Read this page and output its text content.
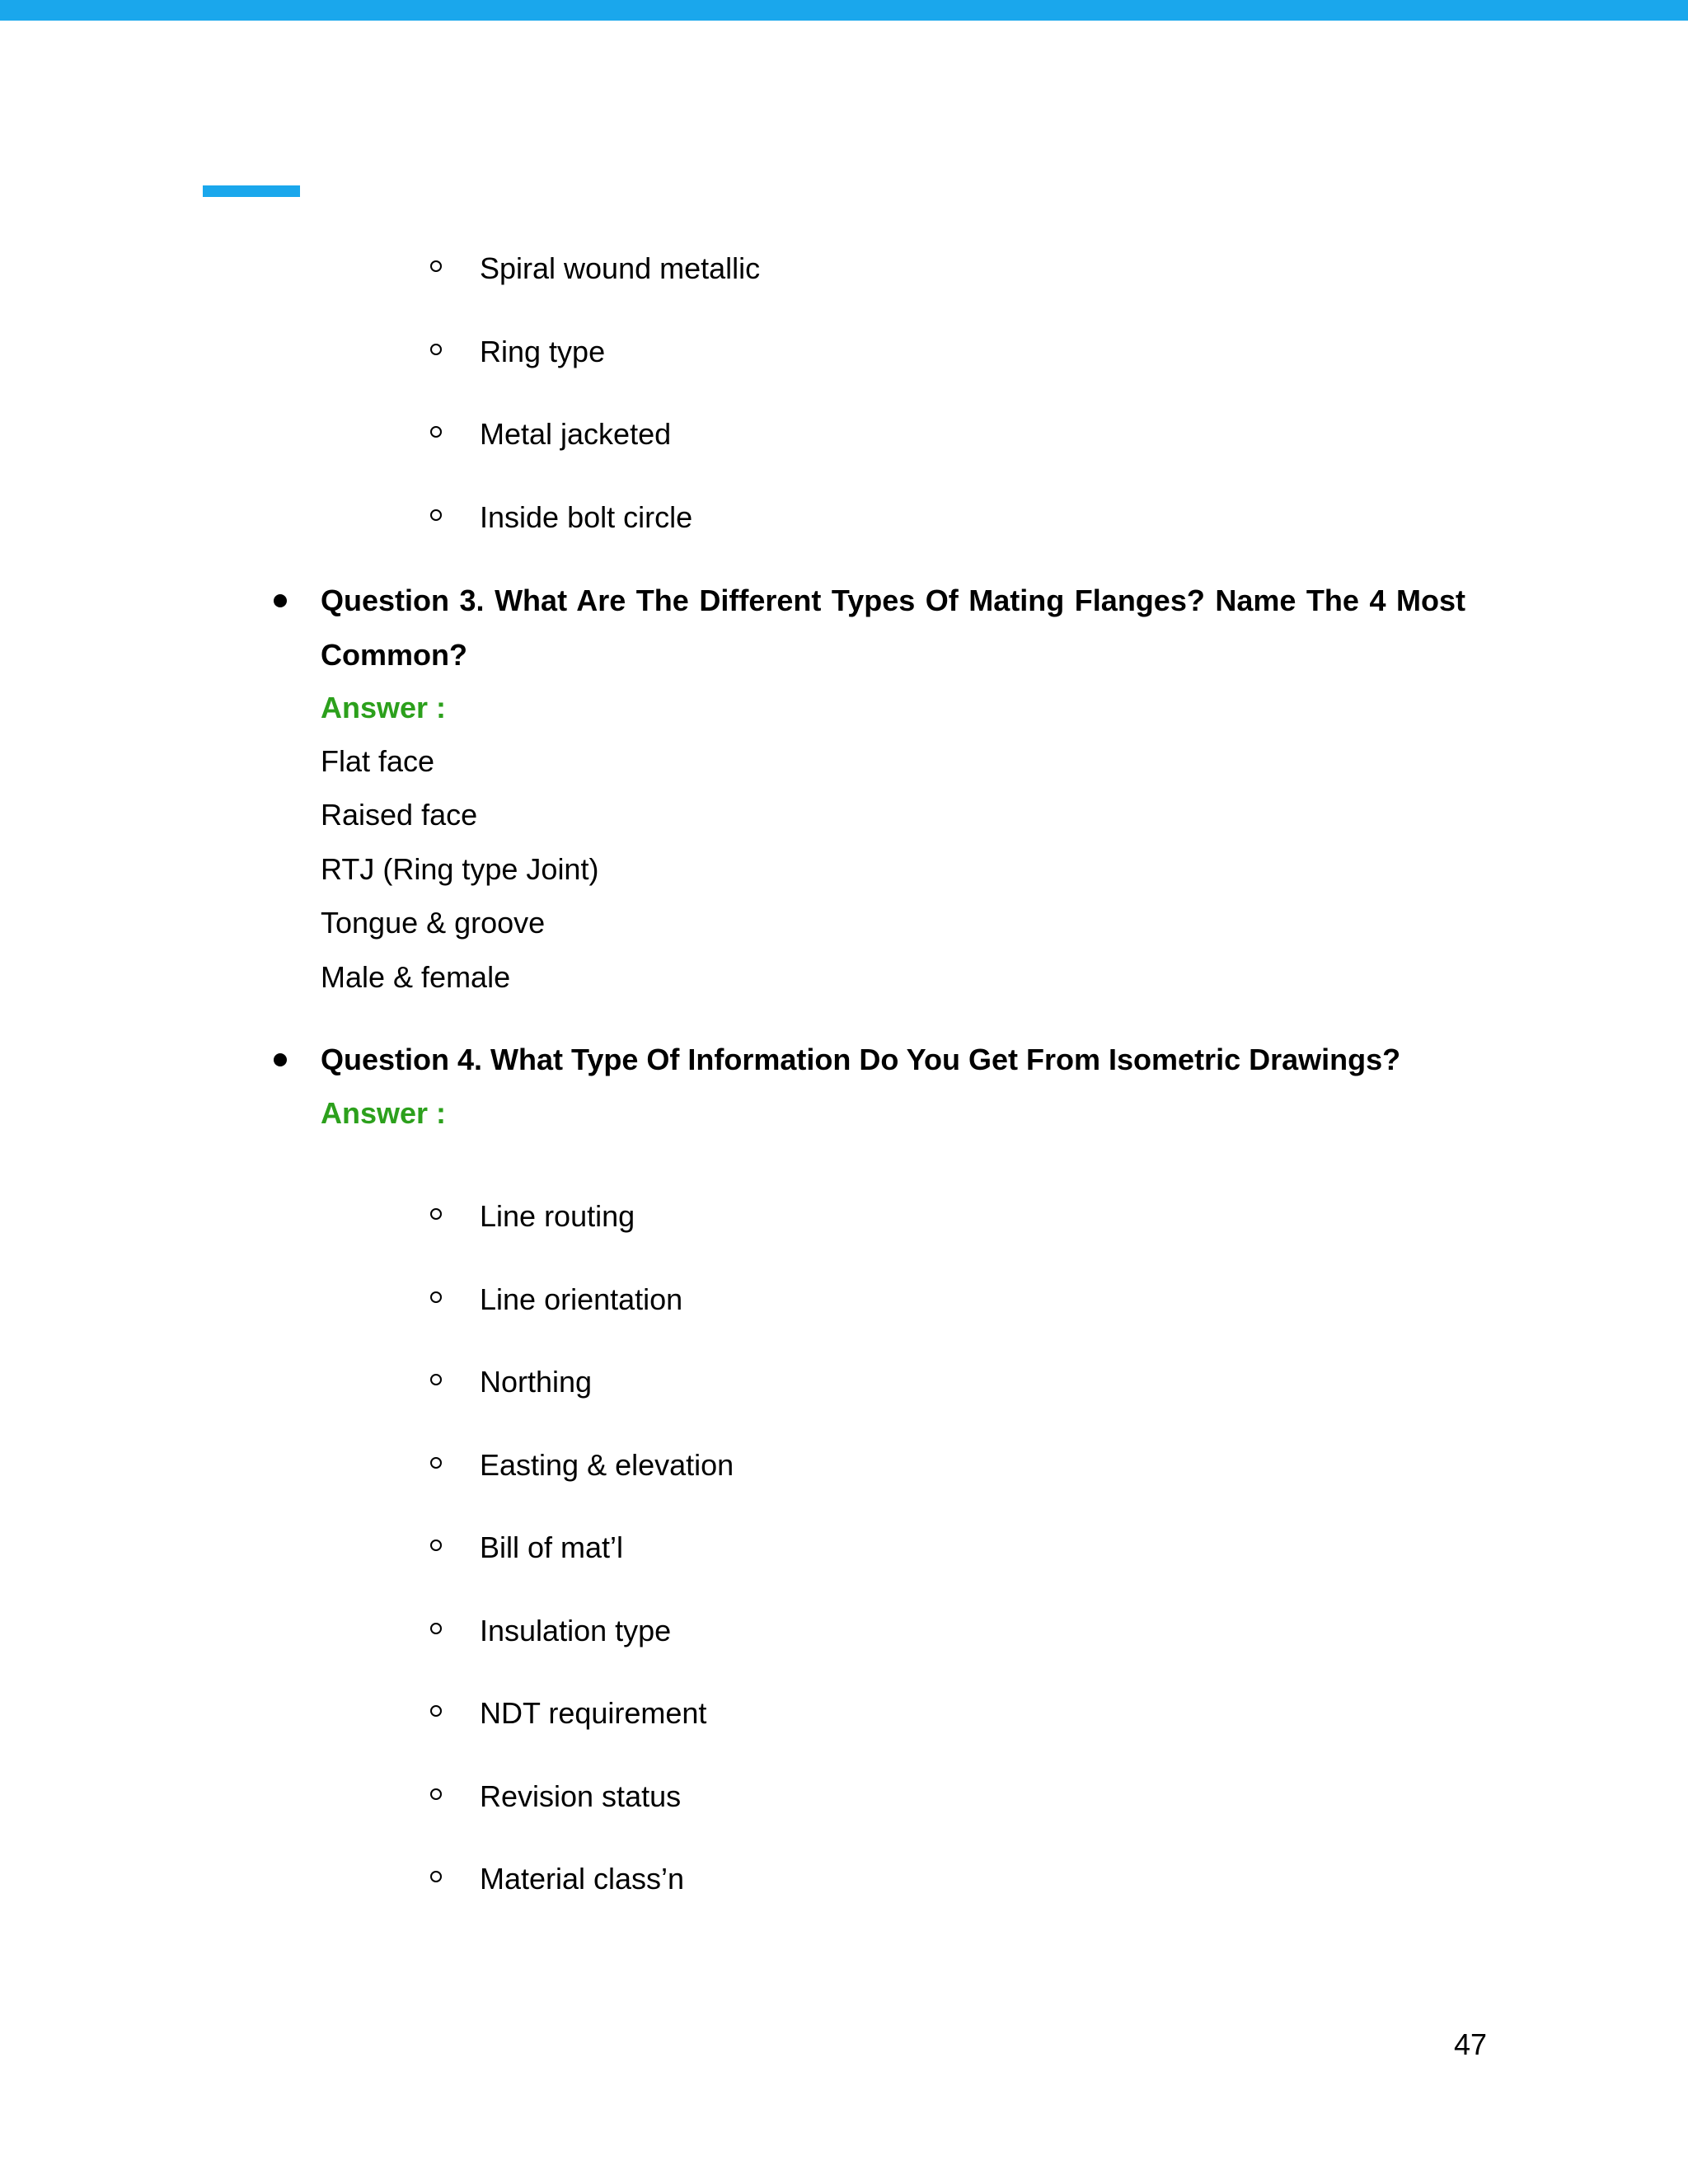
Spiral wound metallic
Ring type
Metal jacketed
Inside bolt circle
Question 3. What Are The Different Types Of Mating Flanges? Name The 4 Most Common?
Answer :
Flat face
Raised face
RTJ (Ring type Joint)
Tongue & groove
Male & female
Question 4. What Type Of Information Do You Get From Isometric Drawings?
Answer :
Line routing
Line orientation
Northing
Easting & elevation
Bill of mat’l
Insulation type
NDT requirement
Revision status
Material class’n
47
